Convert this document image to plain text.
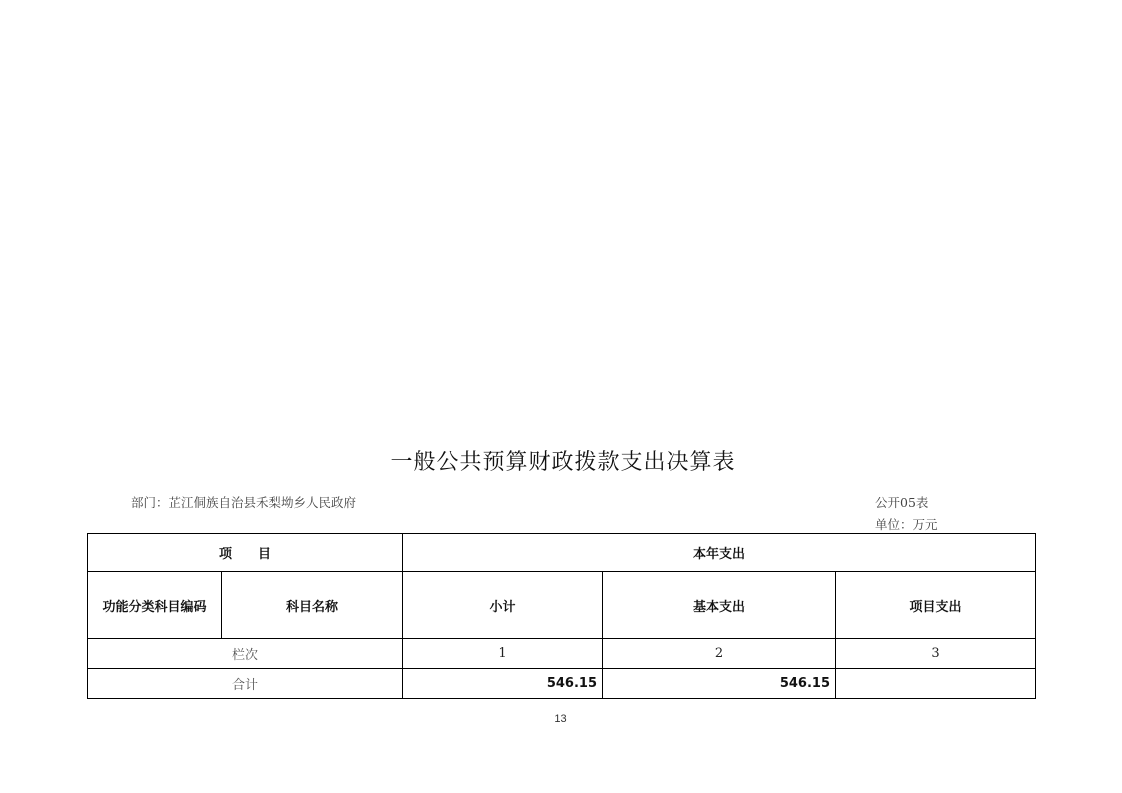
一般公共预算财政拨款支出决算表
部门：芷江侗族自治县禾梨坳乡人民政府	公开05表
单位：万元
项　　目		本年支出		
功能分类科目编码	科目名称	小计	基本支出	项目支出
栏次		1	2	3
合计		546.15	546.15	
13
